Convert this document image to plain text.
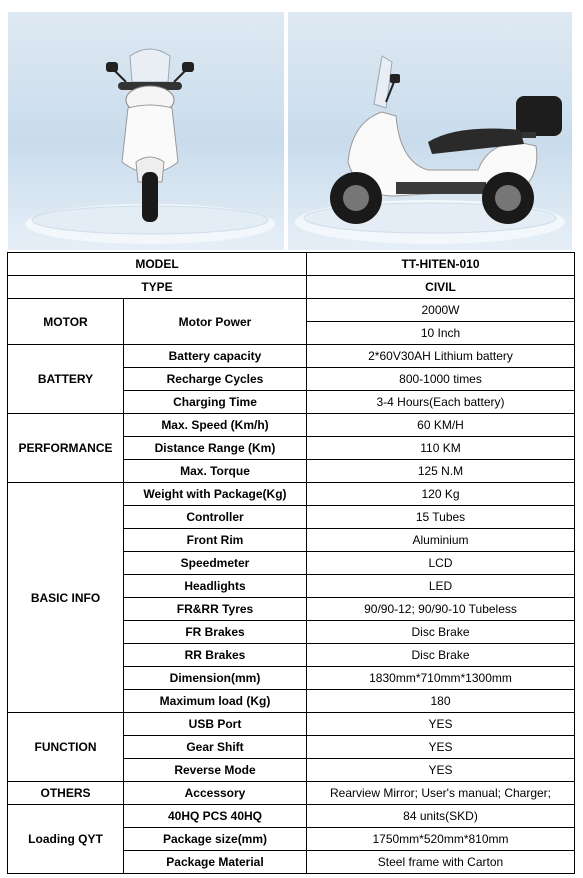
MODEL		TT-HITEN-010
TYPE		CIVIL
MOTOR	Motor Power	2000W
		10 Inch
BATTERY	Battery capacity	2*60V30AH Lithium battery
	Recharge Cycles	800-1000 times
	Charging Time	3-4 Hours(Each battery)
PERFORMANCE	Max. Speed (Km/h)	60 KM/H
	Distance Range (Km)	110 KM
	Max. Torque	125 N.M
BASIC INFO	Weight with Package(Kg)	120 Kg
	Controller	15 Tubes
	Front Rim	Aluminium
	Speedmeter	LCD
	Headlights	LED
	FR&RR Tyres	90/90-12; 90/90-10 Tubeless
	FR Brakes	Disc Brake
	RR Brakes	Disc Brake
	Dimension(mm)	1830mm*710mm*1300mm
	Maximum load (Kg)	180
FUNCTION	USB Port	YES
	Gear Shift	YES
	Reverse Mode	YES
OTHERS	Accessory	Rearview Mirror; User's manual; Charger;
Loading QYT	40HQ PCS 40HQ	84 units(SKD)
	Package size(mm)	1750mm*520mm*810mm
	Package Material	Steel frame with Carton
